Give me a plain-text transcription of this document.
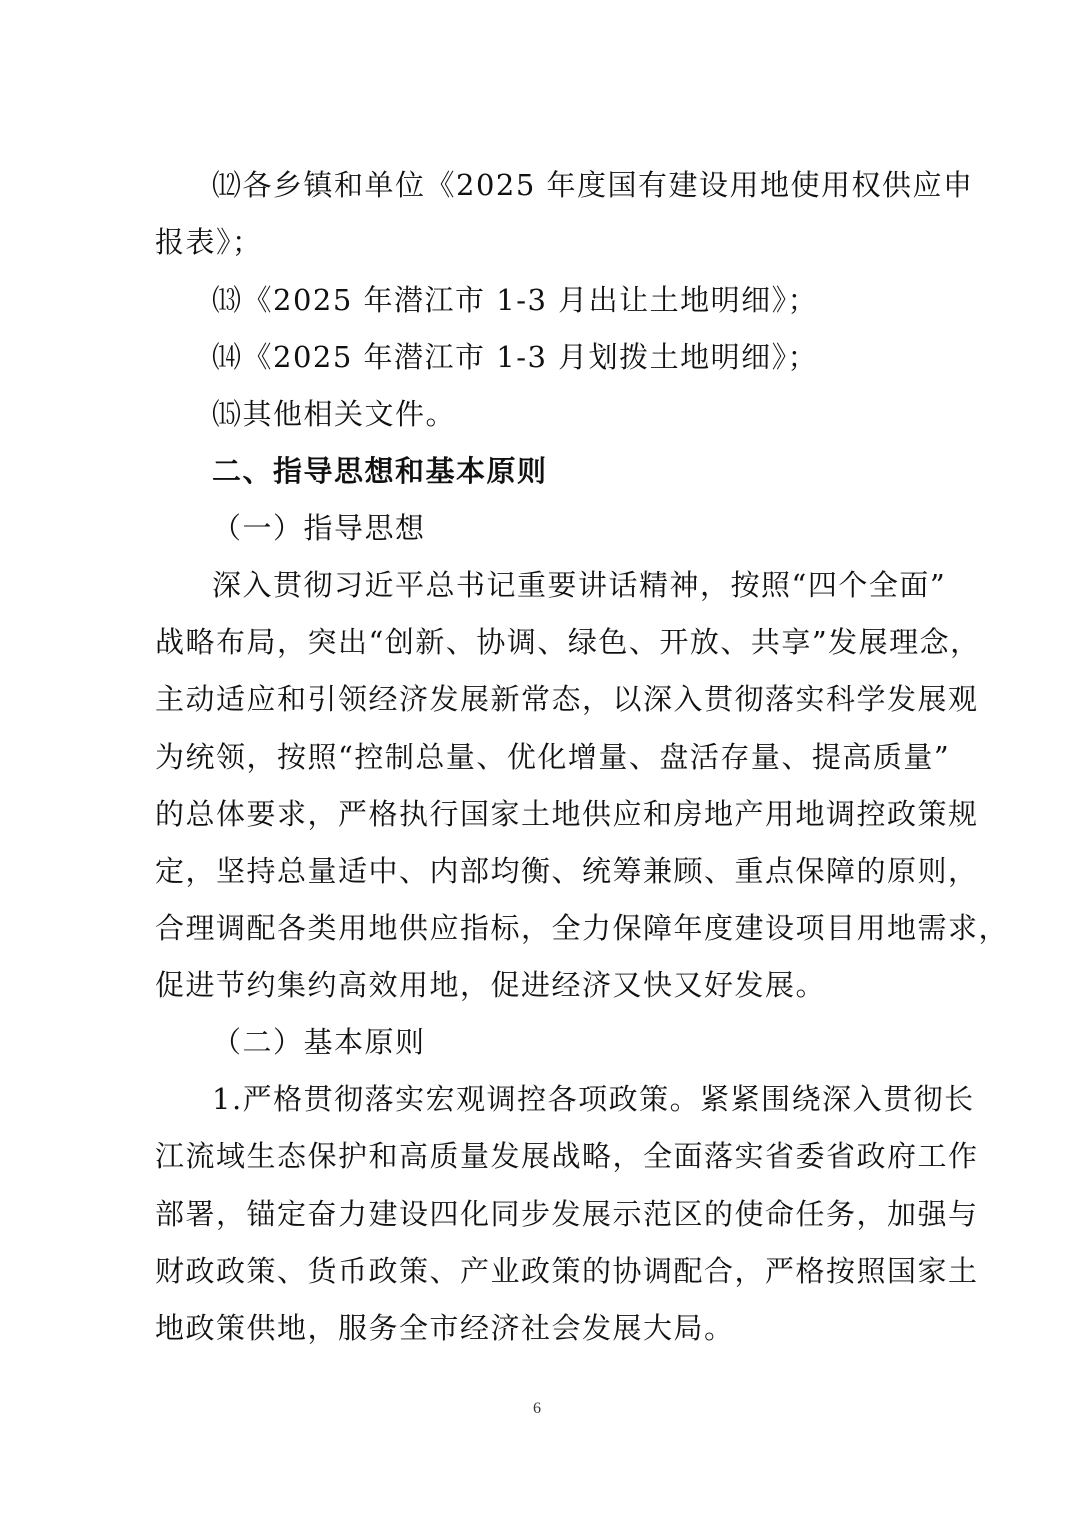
⑿各乡镇和单位《2025 年度国有建设用地使用权供应申
报表》；
⒀《2025 年潜江市 1-3 月出让土地明细》；
⒁《2025 年潜江市 1-3 月划拨土地明细》；
⒂其他相关文件。
二、指导思想和基本原则
（一）指导思想
深入贯彻习近平总书记重要讲话精神，按照“四个全面”
战略布局，突出“创新、协调、绿色、开放、共享”发展理念，
主动适应和引领经济发展新常态，以深入贯彻落实科学发展观
为统领，按照“控制总量、优化增量、盘活存量、提高质量”
的总体要求，严格执行国家土地供应和房地产用地调控政策规
定，坚持总量适中、内部均衡、统筹兼顾、重点保障的原则，
合理调配各类用地供应指标，全力保障年度建设项目用地需求，
促进节约集约高效用地，促进经济又快又好发展。
（二）基本原则
1.严格贯彻落实宏观调控各项政策。紧紧围绕深入贯彻长
江流域生态保护和高质量发展战略，全面落实省委省政府工作
部署，锚定奋力建设四化同步发展示范区的使命任务，加强与
财政政策、货币政策、产业政策的协调配合，严格按照国家土
地政策供地，服务全市经济社会发展大局。
6
